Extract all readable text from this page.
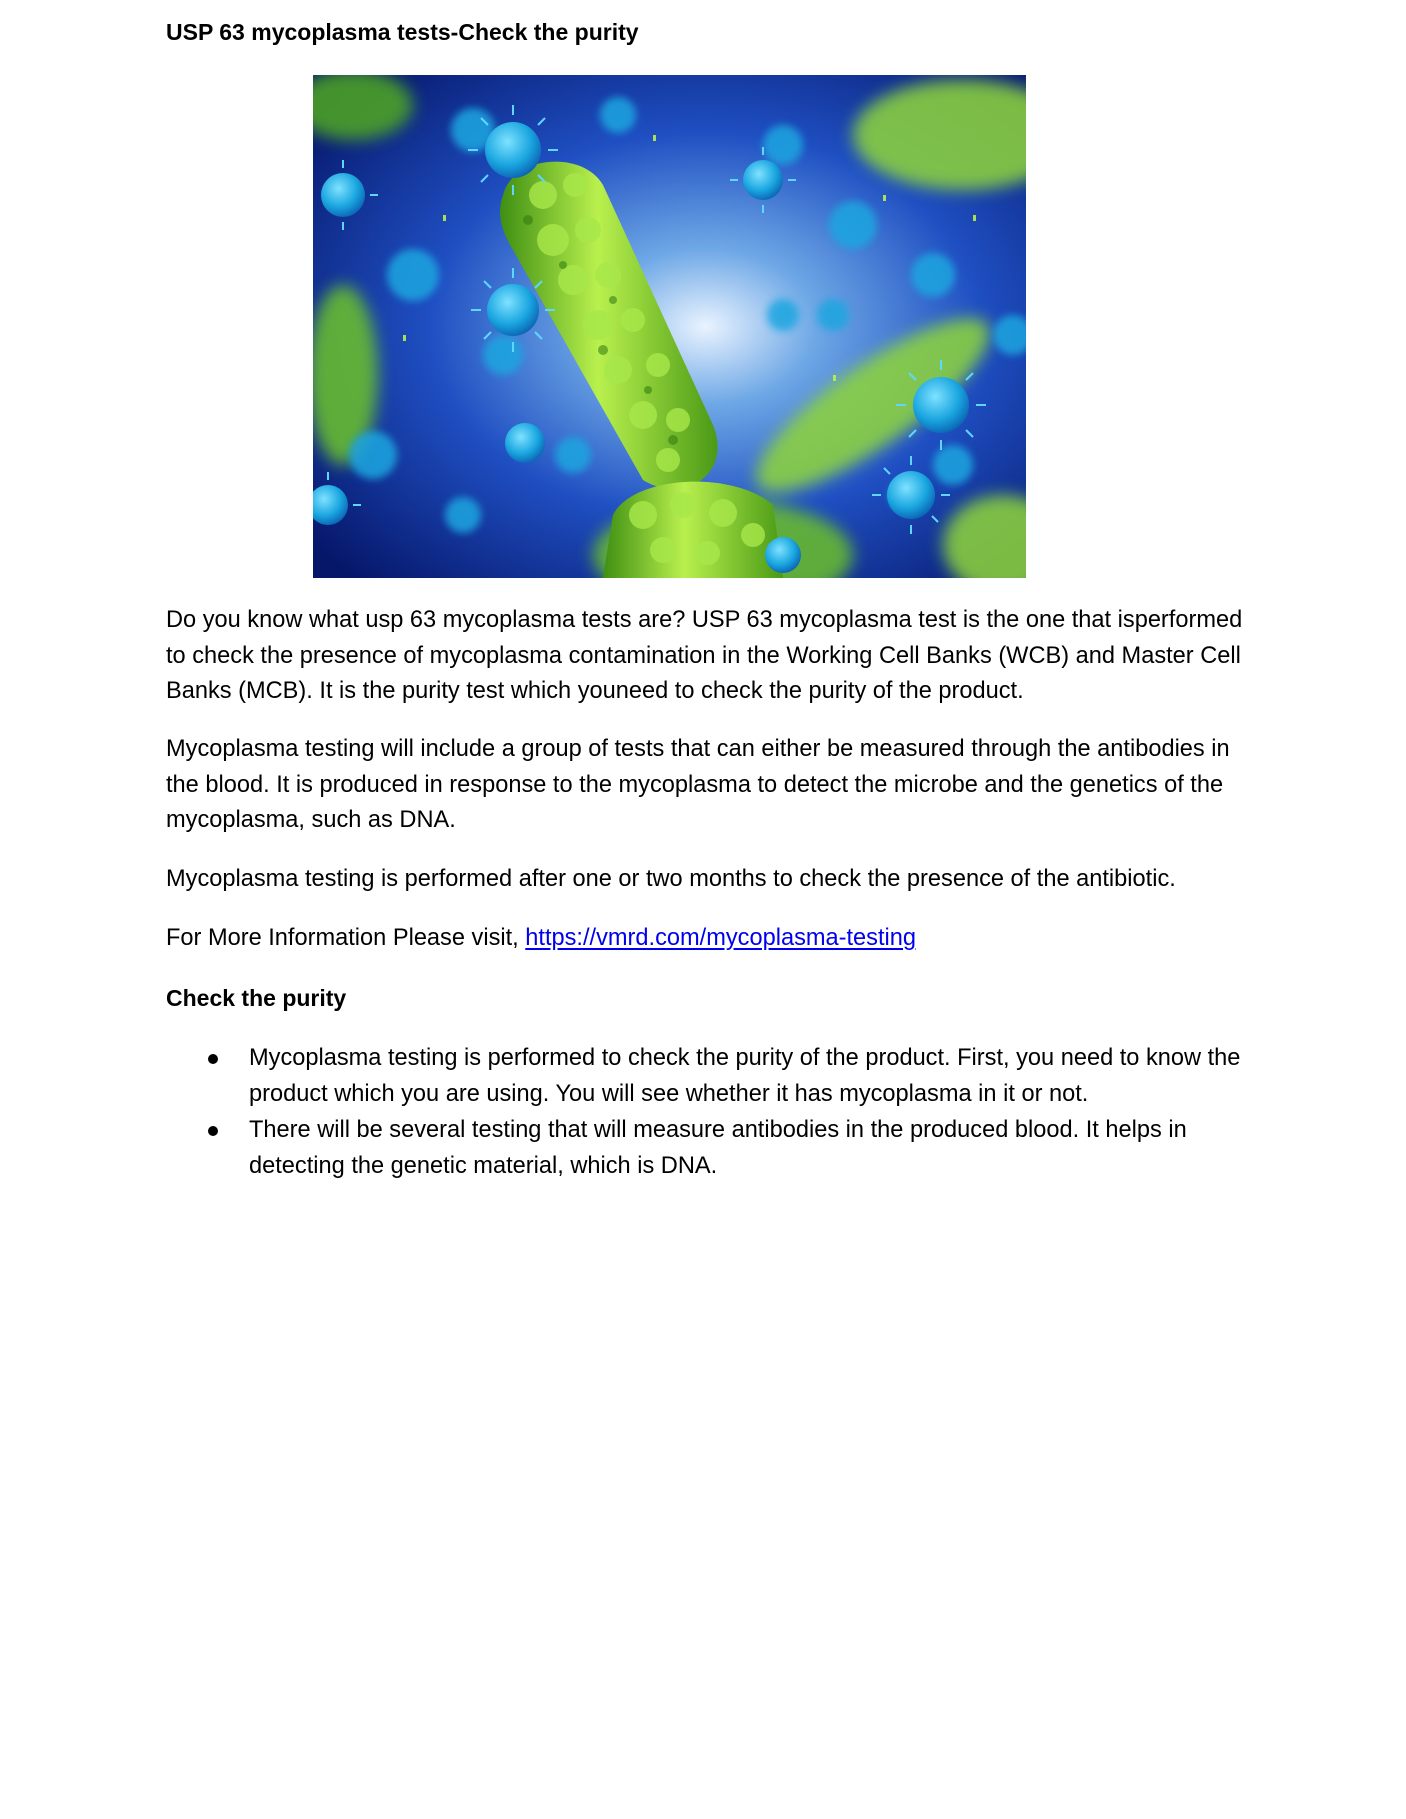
USP 63 mycoplasma tests-Check the purity

Do you know what usp 63 mycoplasma tests are? USP 63 mycoplasma test is the one that isperformed to check the presence of mycoplasma contamination in the Working Cell Banks (WCB) and Master Cell Banks (MCB). It is the purity test which youneed to check the purity of the product.

Mycoplasma testing will include a group of tests that can either be measured through the antibodies in the blood. It is produced in response to the mycoplasma to detect the microbe and the genetics of the mycoplasma, such as DNA.

Mycoplasma testing is performed after one or two months to check the presence of the antibiotic.

For More Information Please visit, https://vmrd.com/mycoplasma-testing

Check the purity
Mycoplasma testing is performed to check the purity of the product. First, you need to know the product which you are using. You will see whether it has mycoplasma in it or not.
There will be several testing that will measure antibodies in the produced blood. It helps in detecting the genetic material, which is DNA.
